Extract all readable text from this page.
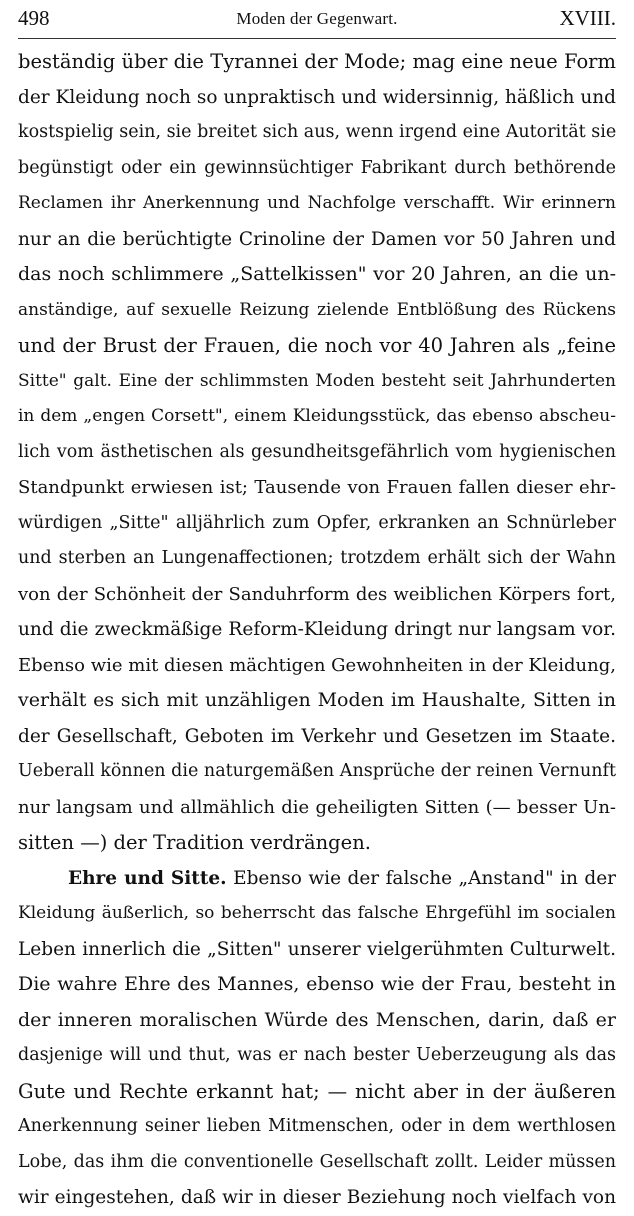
498	Moden der Gegenwart.	XVIII.
beständig über die Tyrannei der Mode; mag eine neue Form
der Kleidung noch so unpraktisch und widersinnig, häßlich und
kostspielig sein, sie breitet sich aus, wenn irgend eine Autorität sie
begünstigt oder ein gewinnsüchtiger Fabrikant durch bethörende
Reclamen ihr Anerkennung und Nachfolge verschafft. Wir erinnern
nur an die berüchtigte Crinoline der Damen vor 50 Jahren und
das noch schlimmere „Sattelkissen" vor 20 Jahren, an die un-
anständige, auf sexuelle Reizung zielende Entblößung des Rückens
und der Brust der Frauen, die noch vor 40 Jahren als „feine
Sitte" galt. Eine der schlimmsten Moden besteht seit Jahrhunderten
in dem „engen Corsett", einem Kleidungsstück, das ebenso abscheu-
lich vom ästhetischen als gesundheitsgefährlich vom hygienischen
Standpunkt erwiesen ist; Tausende von Frauen fallen dieser ehr-
würdigen „Sitte" alljährlich zum Opfer, erkranken an Schnürleber
und sterben an Lungenaffectionen; trotzdem erhält sich der Wahn
von der Schönheit der Sanduhrform des weiblichen Körpers fort,
und die zweckmäßige Reform-Kleidung dringt nur langsam vor.
Ebenso wie mit diesen mächtigen Gewohnheiten in der Kleidung,
verhält es sich mit unzähligen Moden im Haushalte, Sitten in
der Gesellschaft, Geboten im Verkehr und Gesetzen im Staate.
Ueberall können die naturgemäßen Ansprüche der reinen Vernunft
nur langsam und allmählich die geheiligten Sitten (— besser Un-
sitten —) der Tradition verdrängen.
Ehre und Sitte. Ebenso wie der falsche „Anstand" in der
Kleidung äußerlich, so beherrscht das falsche Ehrgefühl im socialen
Leben innerlich die „Sitten" unserer vielgerühmten Culturwelt.
Die wahre Ehre des Mannes, ebenso wie der Frau, besteht in
der inneren moralischen Würde des Menschen, darin, daß er
dasjenige will und thut, was er nach bester Ueberzeugung als das
Gute und Rechte erkannt hat; — nicht aber in der äußeren
Anerkennung seiner lieben Mitmenschen, oder in dem werthlosen
Lobe, das ihm die conventionelle Gesellschaft zollt. Leider müssen
wir eingestehen, daß wir in dieser Beziehung noch vielfach von
